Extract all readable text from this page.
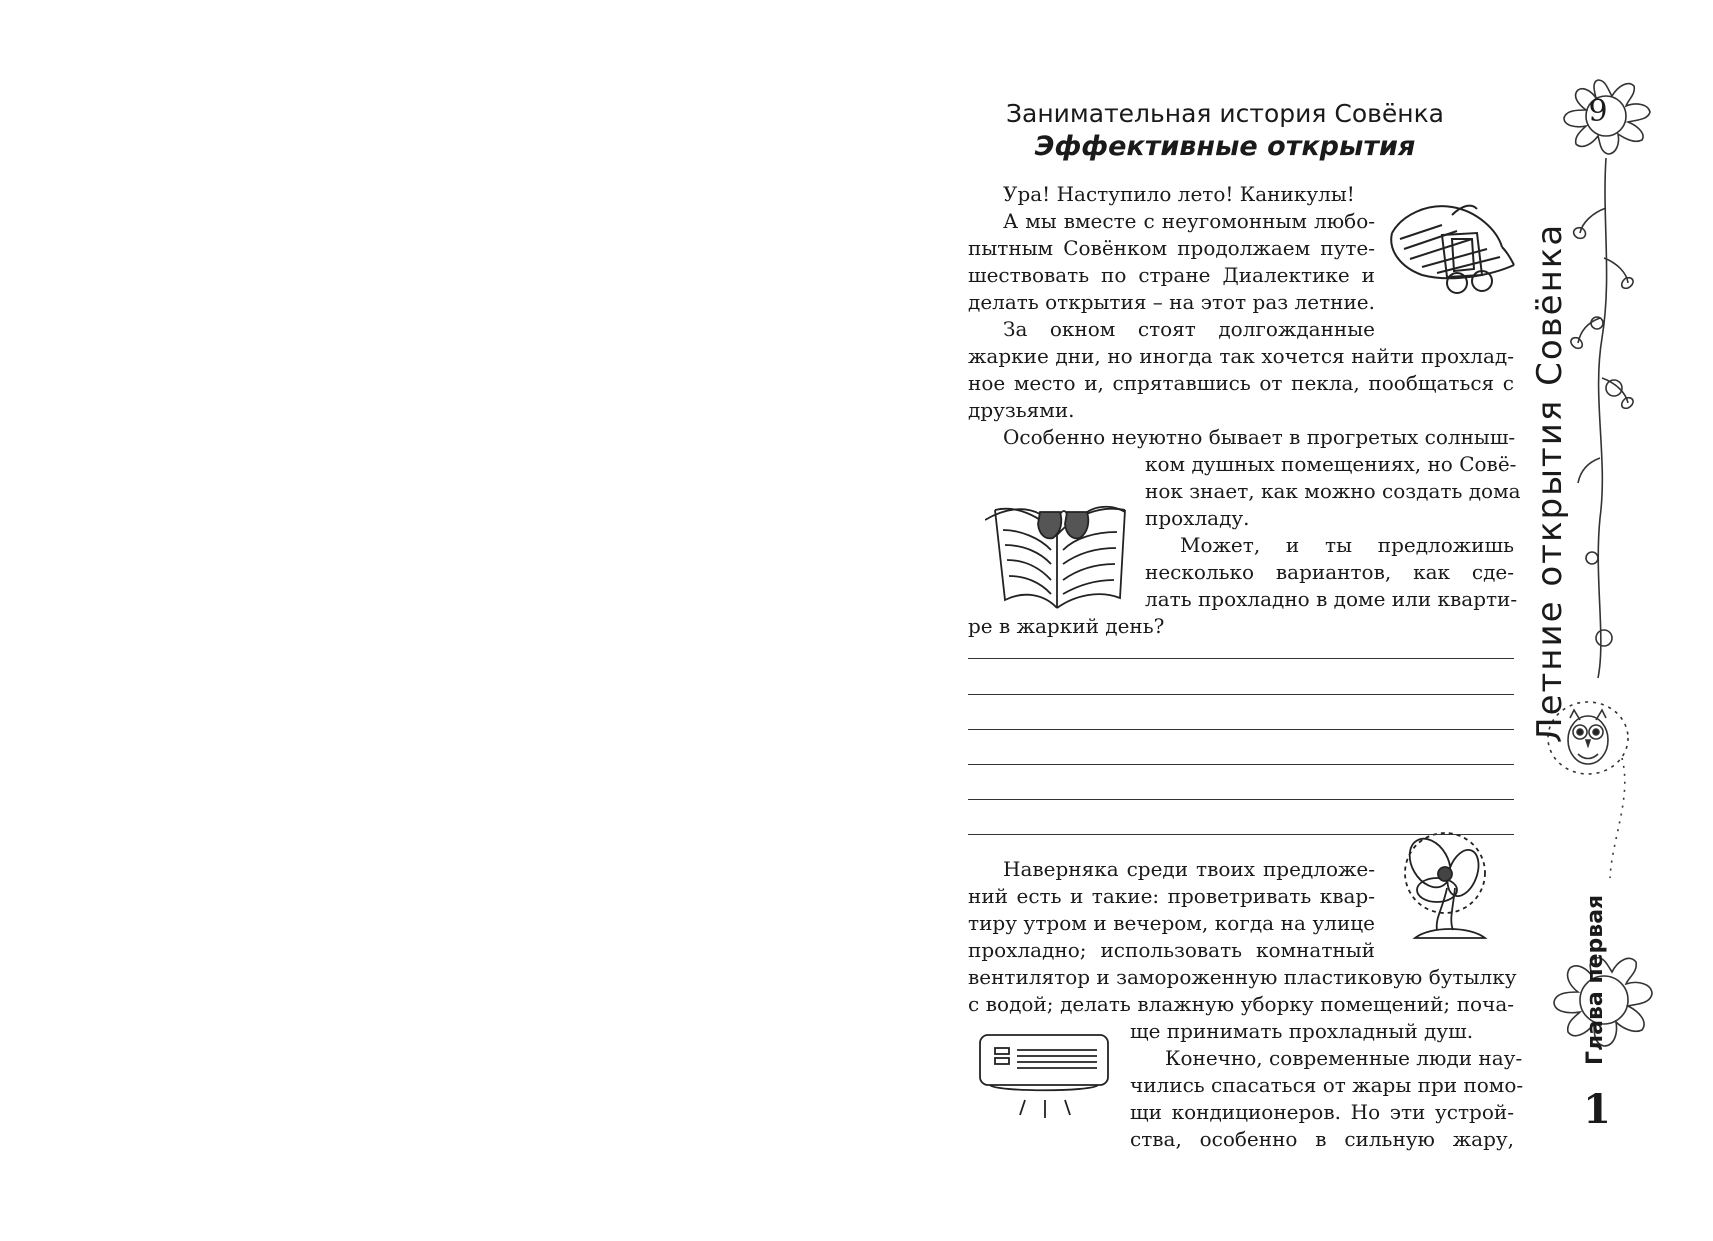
Занимательная история Совёнка
Эффективные открытия
Ура! Наступило лето! Каникулы!
А мы вместе с неугомонным любо-
пытным Совёнком продолжаем путе-
шествовать по стране Диалектике и
делать открытия – на этот раз летние.
За окном стоят долгожданные
жаркие дни, но иногда так хочется найти прохлад-
ное место и, спрятавшись от пекла, пообщаться с
друзьями.
Особенно неуютно бывает в прогретых солныш-
ком душных помещениях, но Совё-
нок знает, как можно создать дома
прохладу.
Может, и ты предложишь
несколько вариантов, как сде-
лать прохладно в доме или кварти-
ре в жаркий день?
Наверняка среди твоих предложе-
ний есть и такие: проветривать квар-
тиру утром и вечером, когда на улице
прохладно; использовать комнатный
вентилятор и замороженную пластиковую бутылку
с водой; делать влажную уборку помещений; поча-
ще принимать прохладный душ.
Конечно, современные люди нау-
чились спасаться от жары при помо-
щи кондиционеров. Но эти устрой-
ства, особенно в сильную жару,
9
Летние открытия Совёнка
Глава первая
1
